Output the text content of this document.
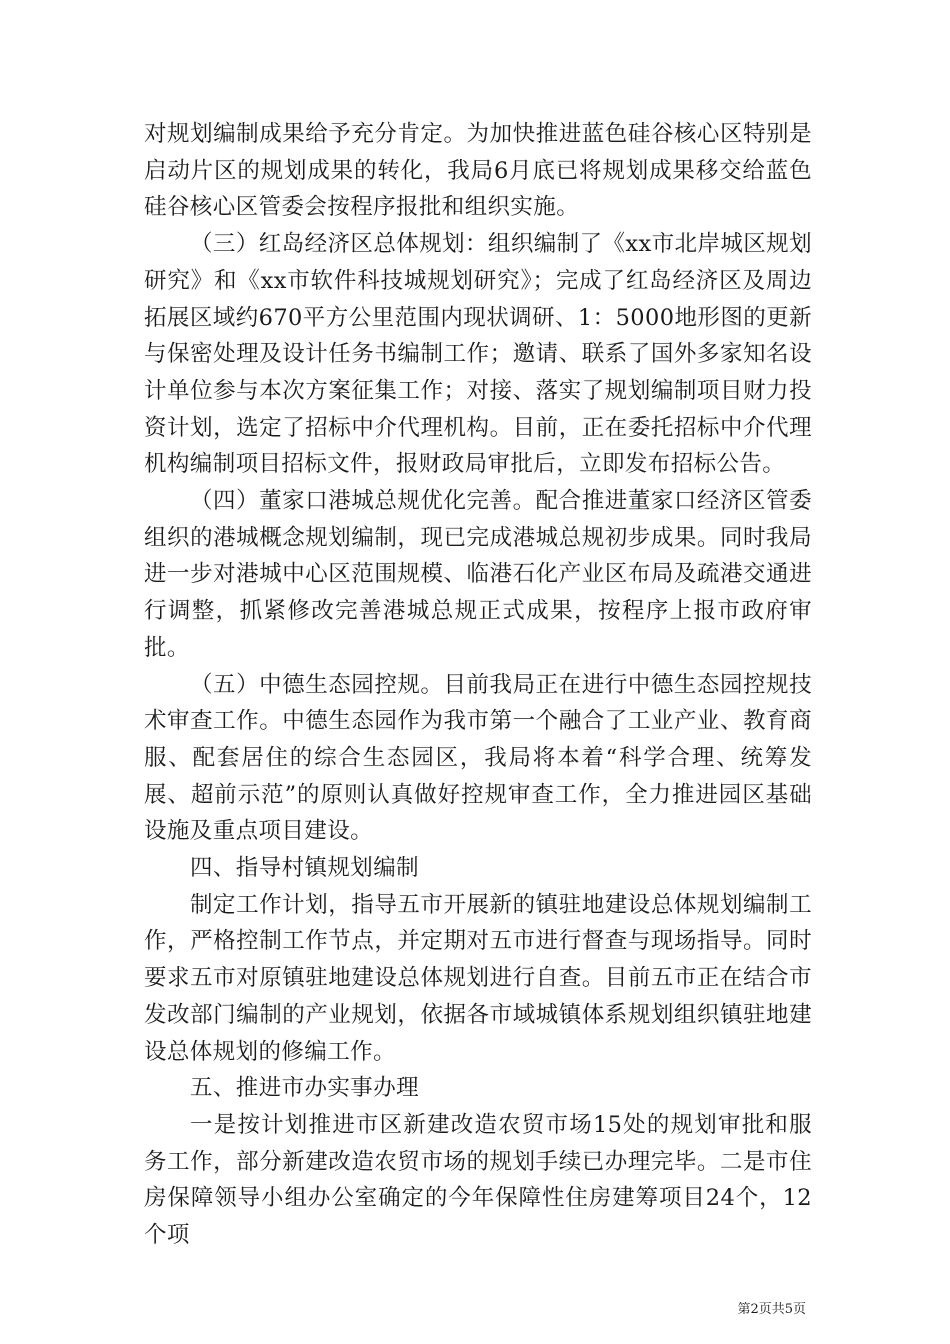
对规划编制成果给予充分肯定。为加快推进蓝色硅谷核心区特别是启动片区的规划成果的转化，我局6月底已将规划成果移交给蓝色硅谷核心区管委会按程序报批和组织实施。

（三）红岛经济区总体规划：组织编制了《xx市北岸城区规划研究》和《xx市软件科技城规划研究》；完成了红岛经济区及周边拓展区域约670平方公里范围内现状调研、1：5000地形图的更新与保密处理及设计任务书编制工作；邀请、联系了国外多家知名设计单位参与本次方案征集工作；对接、落实了规划编制项目财力投资计划，选定了招标中介代理机构。目前，正在委托招标中介代理机构编制项目招标文件，报财政局审批后，立即发布招标公告。

（四）董家口港城总规优化完善。配合推进董家口经济区管委组织的港城概念规划编制，现已完成港城总规初步成果。同时我局进一步对港城中心区范围规模、临港石化产业区布局及疏港交通进行调整，抓紧修改完善港城总规正式成果，按程序上报市政府审批。

（五）中德生态园控规。目前我局正在进行中德生态园控规技术审查工作。中德生态园作为我市第一个融合了工业产业、教育商服、配套居住的综合生态园区，我局将本着“科学合理、统筹发展、超前示范”的原则认真做好控规审查工作，全力推进园区基础设施及重点项目建设。

四、指导村镇规划编制

制定工作计划，指导五市开展新的镇驻地建设总体规划编制工作，严格控制工作节点，并定期对五市进行督查与现场指导。同时要求五市对原镇驻地建设总体规划进行自查。目前五市正在结合市发改部门编制的产业规划，依据各市域城镇体系规划组织镇驻地建设总体规划的修编工作。

五、推进市办实事办理

一是按计划推进市区新建改造农贸市场15处的规划审批和服务工作，部分新建改造农贸市场的规划手续已办理完毕。二是市住房保障领导小组办公室确定的今年保障性住房建筹项目24个，12个项

第2页共5页
